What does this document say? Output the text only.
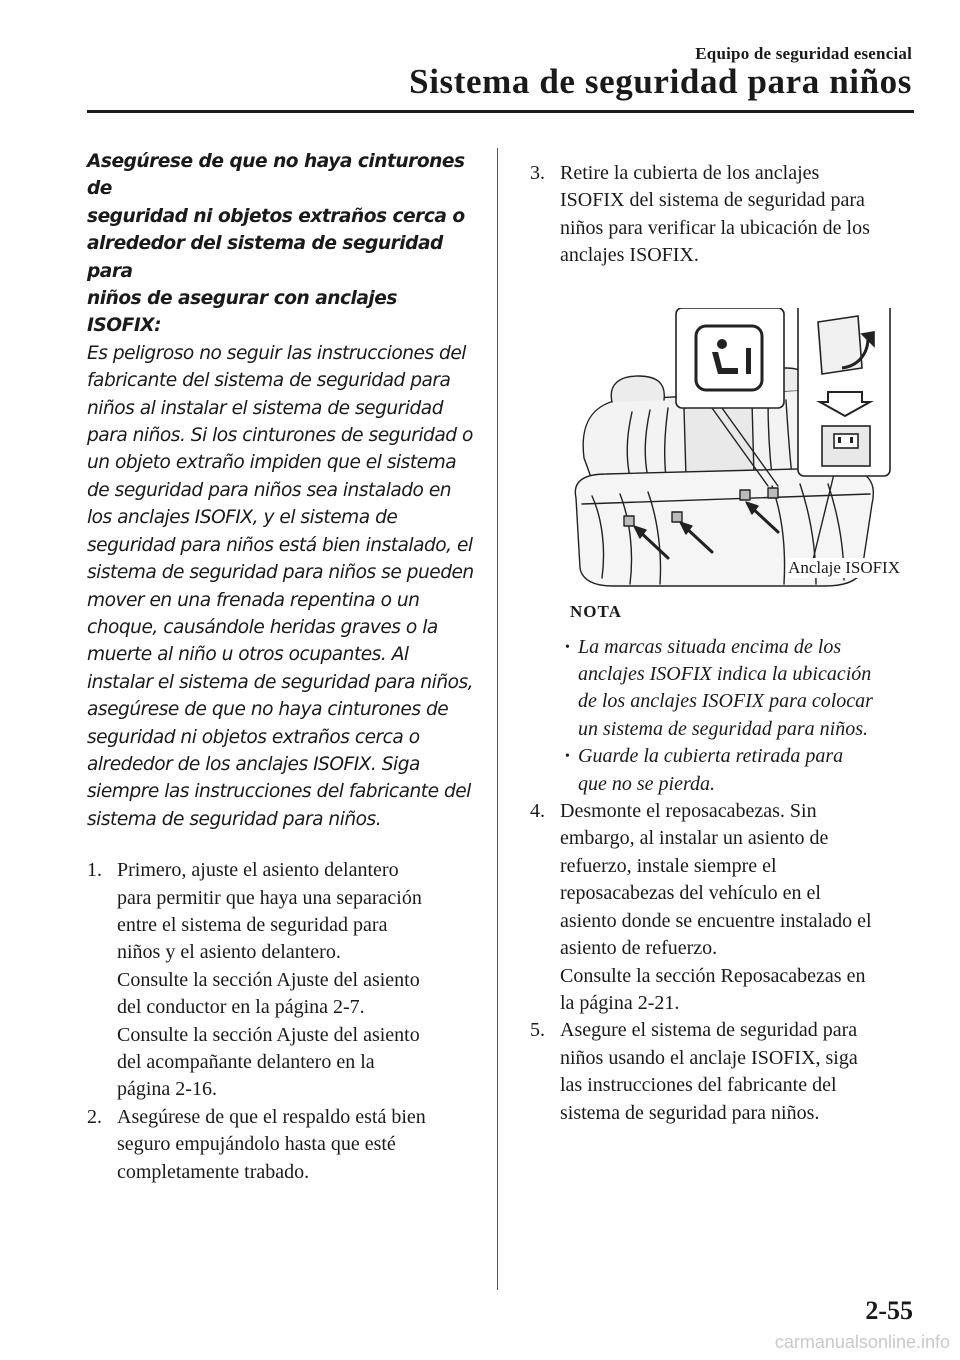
Equipo de seguridad esencial
Sistema de seguridad para niños
Asegúrese de que no haya cinturones de
seguridad ni objetos extraños cerca o
alrededor del sistema de seguridad para
niños de asegurar con anclajes ISOFIX:
Es peligroso no seguir las instrucciones del
fabricante del sistema de seguridad para
niños al instalar el sistema de seguridad
para niños. Si los cinturones de seguridad o
un objeto extraño impiden que el sistema
de seguridad para niños sea instalado en
los anclajes ISOFIX, y el sistema de
seguridad para niños está bien instalado, el
sistema de seguridad para niños se pueden
mover en una frenada repentina o un
choque, causándole heridas graves o la
muerte al niño u otros ocupantes. Al
instalar el sistema de seguridad para niños,
asegúrese de que no haya cinturones de
seguridad ni objetos extraños cerca o
alrededor de los anclajes ISOFIX. Siga
siempre las instrucciones del fabricante del
sistema de seguridad para niños.
1. Primero, ajuste el asiento delantero
para permitir que haya una separación
entre el sistema de seguridad para
niños y el asiento delantero.
Consulte la sección Ajuste del asiento
del conductor en la página 2-7.
Consulte la sección Ajuste del asiento
del acompañante delantero en la
página 2-16.
2. Asegúrese de que el respaldo está bien
seguro empujándolo hasta que esté
completamente trabado.
3. Retire la cubierta de los anclajes
ISOFIX del sistema de seguridad para
niños para verificar la ubicación de los
anclajes ISOFIX.
Anclaje ISOFIX
NOTA
• La marcas situada encima de los
anclajes ISOFIX indica la ubicación
de los anclajes ISOFIX para colocar
un sistema de seguridad para niños.
• Guarde la cubierta retirada para
que no se pierda.
4. Desmonte el reposacabezas. Sin
embargo, al instalar un asiento de
refuerzo, instale siempre el
reposacabezas del vehículo en el
asiento donde se encuentre instalado el
asiento de refuerzo.
Consulte la sección Reposacabezas en
la página 2-21.
5. Asegure el sistema de seguridad para
niños usando el anclaje ISOFIX, siga
las instrucciones del fabricante del
sistema de seguridad para niños.
2-55
carmanualsonline.info
